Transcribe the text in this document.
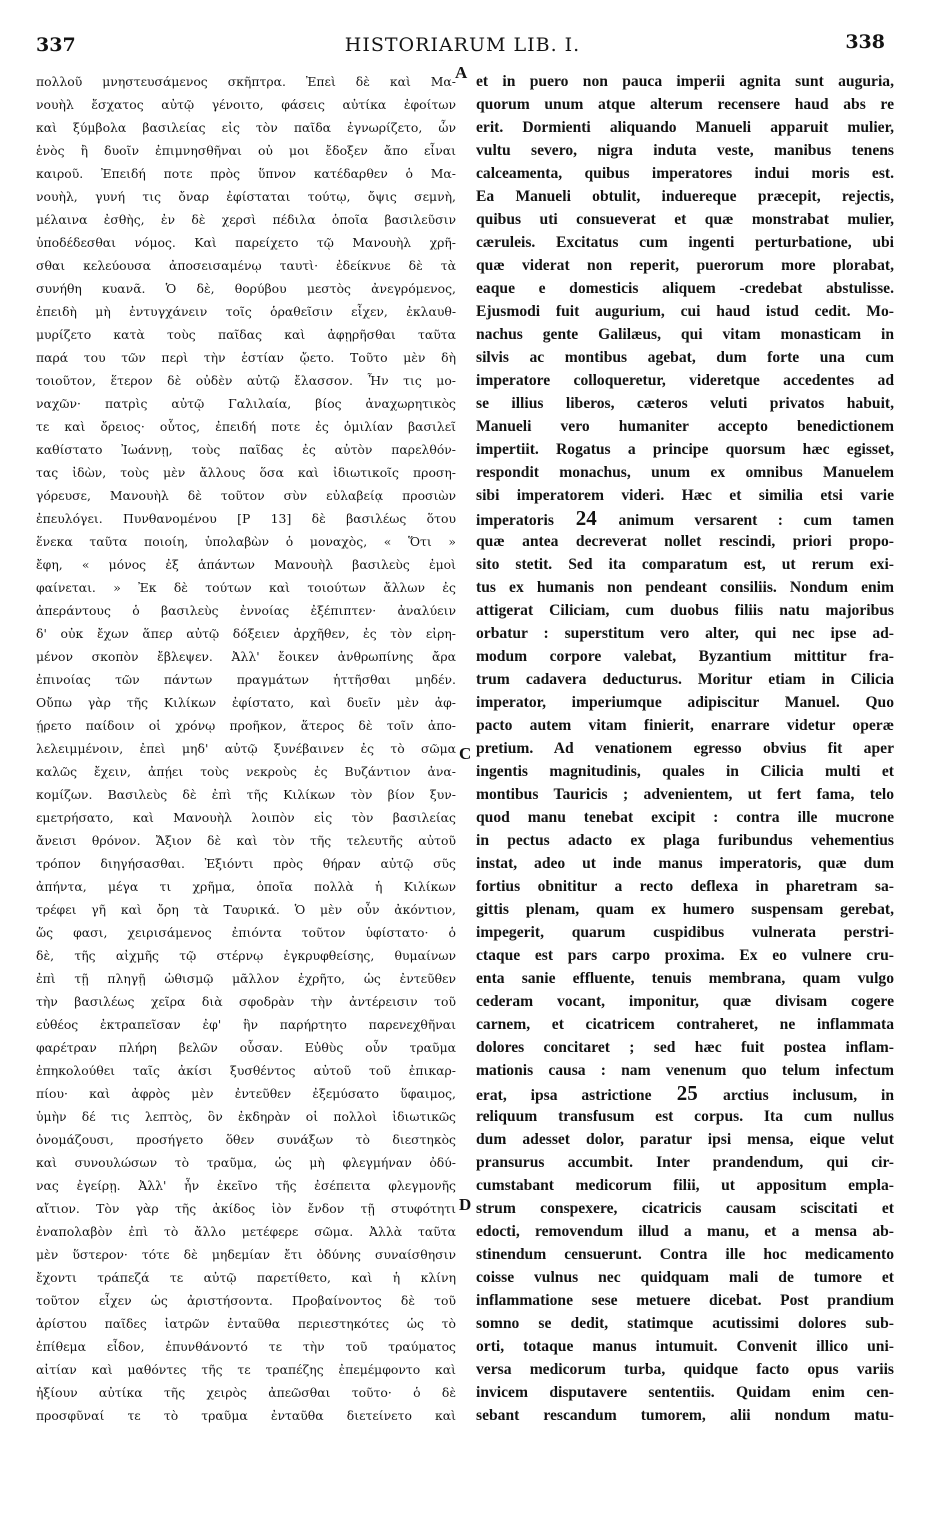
337	HISTORIARUM LIB. I.	338
πολλοῦ μνηστευσάμενος σκῆπτρα. Ἐπεὶ δὲ καὶ Μα-
νουὴλ ἔσχατος αὐτῷ γένοιτο, φάσεις αὐτίκα ἐφοίτων
καὶ ξύμβολα βασιλείας εἰς τὸν παῖδα ἐγνωρίζετο, ὧν
ἑνὸς ἢ δυοῖν ἐπιμνησθῆναι οὐ μοι ἔδοξεν ἄπο εἶναι
καιροῦ. Ἐπειδή ποτε πρὸς ὕπνον κατέδαρθεν ὁ Μα-
νουὴλ, γυνή τις ὄναρ ἐφίσταται τούτῳ, ὄψις σεμνὴ,
μέλαινα ἐσθὴς, ἐν δὲ χερσὶ πέδιλα ὁποῖα βασιλεῦσιν
ὑποδέδεσθαι νόμος. Καὶ παρείχετο τῷ Μανουὴλ χρῆ-
σθαι κελεύουσα ἀποσεισαμένῳ ταυτὶ· ἐδείκνυε δὲ τὰ
συνήθη κυανᾶ. Ὁ δὲ, θορύβου μεστὸς ἀνεγρόμενος,
ἐπειδὴ μὴ ἐντυγχάνειν τοῖς ὁραθεῖσιν εἶχεν, ἐκλαυθ-
μυρίζετο κατὰ τοὺς παῖδας καὶ ἀφῃρῆσθαι ταῦτα
παρά του τῶν περὶ τὴν ἑστίαν ᾤετο. Τοῦτο μὲν δὴ
τοιοῦτον, ἕτερον δὲ οὐδὲν αὐτῷ ἔλασσον. Ἦν τις μο-
ναχῶν· πατρὶς αὐτῷ Γαλιλαία, βίος ἀναχωρητικὸς
τε καὶ ὄρειος· οὗτος, ἐπειδή ποτε ἐς ὁμιλίαν βασιλεῖ
καθίστατο Ἰωάννῃ, τοὺς παῖδας ἐς αὐτὸν παρελθόν-
τας ἰδὼν, τοὺς μὲν ἄλλους ὅσα καὶ ἰδιωτικοῖς προση-
γόρευσε, Μανουὴλ δὲ τοῦτον σὺν εὐλαβείᾳ προσιὼν
ἐπευλόγει. Πυνθανομένου [P 13] δὲ βασιλέως ὅτου
ἕνεκα ταῦτα ποιοίη, ὑπολαβὼν ὁ μοναχὸς, « Ὅτι »
ἔφη, « μόνος ἐξ ἁπάντων Μανουὴλ βασιλεὺς ἐμοὶ
φαίνεται. » Ἐκ δὲ τούτων καὶ τοιούτων ἄλλων ἐς
ἀπεράντους ὁ βασιλεὺς ἐννοίας ἐξέπιπτεν· ἀναλύειν
δ' οὐκ ἔχων ἅπερ αὐτῷ δόξειεν ἀρχῆθεν, ἐς τὸν εἰρη-
μένον σκοπὸν ἔβλεψεν. Ἀλλ' ἔοικεν ἀνθρωπίνης ἄρα
ἐπινοίας τῶν πάντων πραγμάτων ἡττῆσθαι μηδέν.
Οὔπω γὰρ τῆς Κιλίκων ἐφίστατο, καὶ δυεῖν μὲν ἀφ-
ῄρετο παίδοιν οἱ χρόνῳ προῆκον, ἅτερος δὲ τοῖν ἀπο-
λελειμμένοιν, ἐπεὶ μηδ' αὐτῷ ξυνέβαινεν ἐς τὸ σῶμα
καλῶς ἔχειν, ἀπῄει τοὺς νεκροὺς ἐς Βυζάντιον ἀνα-
κομίζων. Βασιλεὺς δὲ ἐπὶ τῆς Κιλίκων τὸν βίον ξυν-
εμετρήσατο, καὶ Μανουὴλ λοιπὸν εἰς τὸν βασιλείας
ἄνεισι θρόνον. Ἄξιον δὲ καὶ τὸν τῆς τελευτῆς αὐτοῦ
τρόπον διηγήσασθαι. Ἐξιόντι πρὸς θήραν αὐτῷ σῦς
ἀπήντα, μέγα τι χρῆμα, ὁποῖα πολλὰ ἡ Κιλίκων
τρέφει γῆ καὶ ὄρη τὰ Ταυρικά. Ὁ μὲν οὖν ἀκόντιον,
ὥς φασι, χειρισάμενος ἐπιόντα τοῦτον ὑφίστατο· ὁ
δὲ, τῆς αἰχμῆς τῷ στέρνῳ ἐγκρυφθείσης, θυμαίνων
ἐπὶ τῇ πληγῇ ὠθισμῷ μᾶλλον ἐχρῆτο, ὡς ἐντεῦθεν
τὴν βασιλέως χεῖρα διὰ σφοδρὰν τὴν ἀντέρεισιν τοῦ
εὐθέος ἐκτραπεῖσαν ἐφ' ἣν παρήρτητο παρενεχθῆναι
φαρέτραν πλήρη βελῶν οὖσαν. Εὐθὺς οὖν τραῦμα
ἐπηκολούθει ταῖς ἀκίσι ξυσθέντος αὐτοῦ τοῦ ἐπικαρ-
πίου· καὶ ἀφρὸς μὲν ἐντεῦθεν ἐξεμύσατο ὕφαιμος,
ὑμὴν δέ τις λεπτὸς, ὃν ἐκδηρὰν οἱ πολλοὶ ἰδιωτικῶς
ὀνομάζουσι, προσήγετο ὅθεν συνάξων τὸ διεστηκὸς
καὶ συνουλώσων τὸ τραῦμα, ὡς μὴ φλεγμήναν ὀδύ-
νας ἐγείρῃ. Ἀλλ' ἦν ἐκεῖνο τῆς ἐσέπειτα φλεγμονῆς
αἴτιον. Τὸν γὰρ τῆς ἀκίδος ἰὸν ἔνδον τῇ στυφότητι
ἐναπολαβὸν ἐπὶ τὸ ἄλλο μετέφερε σῶμα. Ἀλλὰ ταῦτα
μὲν ὕστερον· τότε δὲ μηδεμίαν ἔτι ὀδύνης συναίσθησιν
ἔχοντι τράπεζά τε αὐτῷ παρετίθετο, καὶ ἡ κλίνη
τοῦτον εἶχεν ὡς ἀριστήσοντα. Προβαίνοντος δὲ τοῦ
ἀρίστου παῖδες ἰατρῶν ἐνταῦθα περιεστηκότες ὡς τὸ
ἐπίθεμα εἶδον, ἐπυνθάνοντό τε τὴν τοῦ τραύματος
αἰτίαν καὶ μαθόντες τῆς τε τραπέζης ἐπεμέμφοντο καὶ
ἠξίουν αὐτίκα τῆς χειρὸς ἀπεῶσθαι τοῦτο· ὁ δὲ
προσφῦναί τε τὸ τραῦμα ἐνταῦθα διετείνετο καὶ
et in puero non pauca imperii agnita sunt auguria,
quorum unum atque alterum recensere haud abs re
erit. Dormienti aliquando Manueli apparuit mulier,
vultu severo, nigra induta veste, manibus tenens
calceamenta, quibus imperatores indui moris est.
Ea Manueli obtulit, induereque præcepit, rejectis,
quibus uti consueverat et quæ monstrabat mulier,
cæruleis. Excitatus cum ingenti perturbatione, ubi
quæ viderat non reperit, puerorum more plorabat,
eaque e domesticis aliquem -credebat abstulisse.
Ejusmodi fuit augurium, cui haud istud cedit. Mo-
nachus gente Galilæus, qui vitam monasticam in
silvis ac montibus agebat, dum forte una cum
imperatore colloqueretur, videretque accedentes ad
se illius liberos, cæteros veluti privatos habuit,
Manueli vero humaniter accepto benedictionem
impertiit. Rogatus a principe quorsum hæc egisset,
respondit monachus, unum ex omnibus Manuelem
sibi imperatorem videri. Hæc et similia etsi varie
imperatoris 24 animum versarent : cum tamen
quæ antea decreverat nollet rescindi, priori propo-
sito stetit. Sed ita comparatum est, ut rerum exi-
tus ex humanis non pendeant consiliis. Nondum enim
attigerat Ciliciam, cum duobus filiis natu majoribus
orbatur : superstitum vero alter, qui nec ipse ad-
modum corpore valebat, Byzantium mittitur fra-
trum cadavera deducturus. Moritur etiam in Cilicia
imperator, imperiumque adipiscitur Manuel. Quo
pacto autem vitam finierit, enarrare videtur operæ
pretium. Ad venationem egresso obvius fit aper
ingentis magnitudinis, quales in Cilicia multi et
montibus Tauricis ; advenientem, ut fert fama, telo
quod manu tenebat excipit : contra ille mucrone
in pectus adacto ex plaga furibundus vehementius
instat, adeo ut inde manus imperatoris, quæ dum
fortius obnititur a recto deflexa in pharetram sa-
gittis plenam, quam ex humero suspensam gerebat,
impegerit, quarum cuspidibus vulnerata perstri-
ctaque est pars carpo proxima. Ex eo vulnere cru-
enta sanie effluente, tenuis membrana, quam vulgo
cederam vocant, imponitur, quæ divisam cogere
carnem, et cicatricem contraheret, ne inflammata
dolores concitaret ; sed hæc fuit postea inflam-
mationis causa : nam venenum quo telum infectum
erat, ipsa astrictione 25 arctius inclusum, in
reliquum transfusum est corpus. Ita cum nullus
dum adesset dolor, paratur ipsi mensa, eique velut
pransurus accumbit. Inter prandendum, qui cir-
cumstabant medicorum filii, ut appositum empla-
strum conspexere, cicatricis causam sciscitati et
edocti, removendum illud a manu, et a mensa ab-
stinendum censuerunt. Contra ille hoc medicamento
coisse vulnus nec quidquam mali de tumore et
inflammatione sese metuere dicebat. Post prandium
somno se dedit, statimque acutissimi dolores sub-
orti, totaque manus intumuit. Convenit illico uni-
versa medicorum turba, quidque facto opus variis
invicem disputavere sententiis. Quidam enim cen-
sebant rescandum tumorem, alii nondum matu-
A
C
D
